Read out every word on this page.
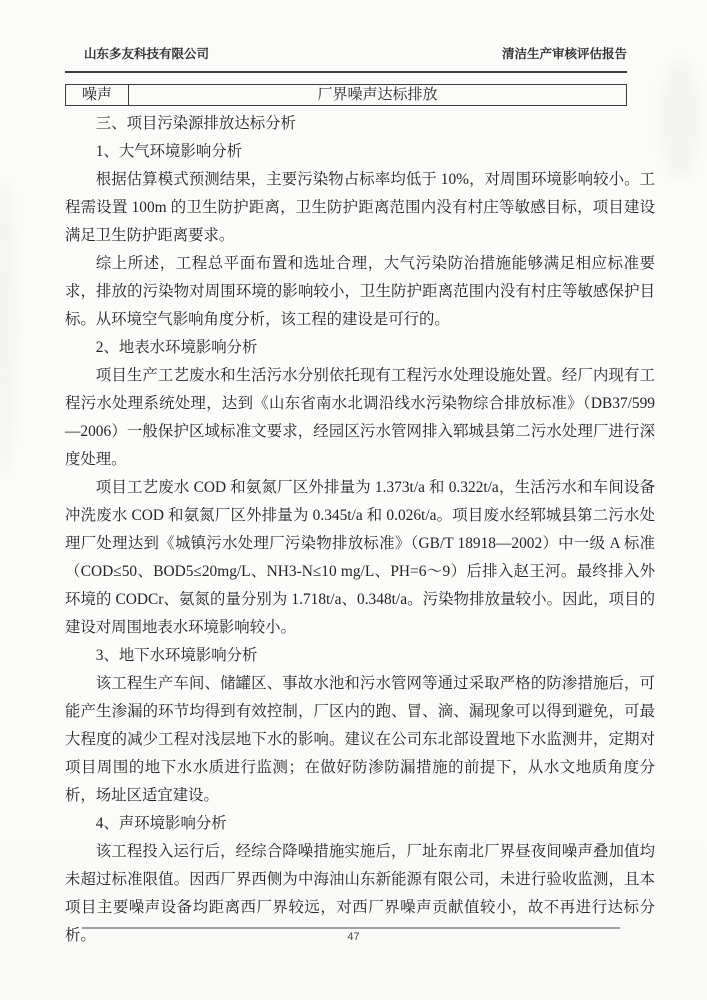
山东多友科技有限公司	清洁生产审核评估报告
噪声	厂界噪声达标排放

三、项目污染源排放达标分析

1、大气环境影响分析

根据估算模式预测结果，主要污染物占标率均低于 10%，对周围环境影响较小。工程需设置 100m 的卫生防护距离，卫生防护距离范围内没有村庄等敏感目标，项目建设满足卫生防护距离要求。

综上所述，工程总平面布置和选址合理，大气污染防治措施能够满足相应标准要求，排放的污染物对周围环境的影响较小，卫生防护距离范围内没有村庄等敏感保护目标。从环境空气影响角度分析，该工程的建设是可行的。

2、地表水环境影响分析

项目生产工艺废水和生活污水分别依托现有工程污水处理设施处置。经厂内现有工程污水处理系统处理，达到《山东省南水北调沿线水污染物综合排放标准》（DB37/599—2006）一般保护区域标准文要求，经园区污水管网排入郓城县第二污水处理厂进行深度处理。

项目工艺废水 COD 和氨氮厂区外排量为 1.373t/a 和 0.322t/a，生活污水和车间设备冲洗废水 COD 和氨氮厂区外排量为 0.345t/a 和 0.026t/a。项目废水经郓城县第二污水处理厂处理达到《城镇污水处理厂污染物排放标准》（GB/T 18918—2002）中一级 A 标准（COD≤50、BOD5≤20mg/L、NH3-N≤10 mg/L、PH=6～9）后排入赵王河。最终排入外环境的 CODCr、氨氮的量分别为 1.718t/a、0.348t/a。污染物排放量较小。因此，项目的建设对周围地表水环境影响较小。

3、地下水环境影响分析

该工程生产车间、储罐区、事故水池和污水管网等通过采取严格的防渗措施后，可能产生渗漏的环节均得到有效控制，厂区内的跑、冒、滴、漏现象可以得到避免，可最大程度的减少工程对浅层地下水的影响。建议在公司东北部设置地下水监测井，定期对项目周围的地下水水质进行监测；在做好防渗防漏措施的前提下，从水文地质角度分析，场址区适宜建设。

4、声环境影响分析

该工程投入运行后，经综合降噪措施实施后，厂址东南北厂界昼夜间噪声叠加值均未超过标准限值。因西厂界西侧为中海油山东新能源有限公司，未进行验收监测，且本项目主要噪声设备均距离西厂界较远，对西厂界噪声贡献值较小，故不再进行达标分析。	47
